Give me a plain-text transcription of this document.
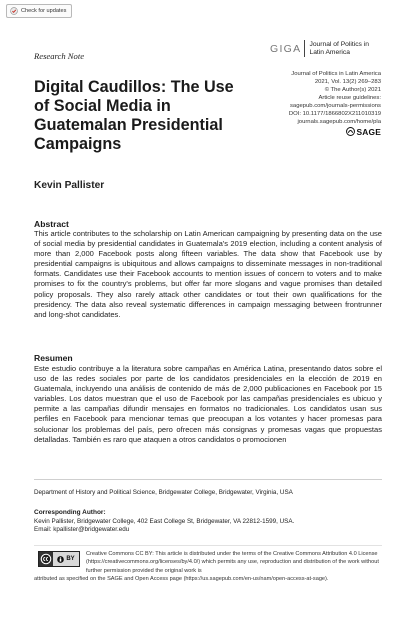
Check for updates
Research Note
GIGA Journal of Politics in
Latin America
Journal of Politics in Latin America
2021, Vol. 13(2) 269–283
© The Author(s) 2021
Article reuse guidelines:
sagepub.com/journals-permissions
DOI: 10.1177/1866802X211010319
journals.sagepub.com/home/pla
SAGE
Digital Caudillos: The Use of Social Media in Guatemalan Presidential Campaigns
Kevin Pallister
Abstract

This article contributes to the scholarship on Latin American campaigning by presenting data on the use of social media by presidential candidates in Guatemala's 2019 election, including a content analysis of more than 2,000 Facebook posts along fifteen variables. The data show that Facebook use by presidential campaigns is ubiquitous and allows campaigns to disseminate messages in non-traditional formats. Candidates use their Facebook accounts to mention issues of concern to voters and to make promises to fix the country's problems, but offer far more slogans and vague promises than detailed policy proposals. They also rarely attack other candidates or tout their own qualifications for the presidency. The data also reveal systematic differences in campaign messaging between frontrunner and long-shot candidates.

Resumen

Este estudio contribuye a la literatura sobre campañas en América Latina, presentando datos sobre el uso de las redes sociales por parte de los candidatos presidenciales en la elección de 2019 en Guatemala, incluyendo una análisis de contenido de más de 2,000 publicaciones en Facebook por 15 variables. Los datos muestran que el uso de Facebook por las campañas presidenciales es ubicuo y permite a las campañas difundir mensajes en formatos no tradicionales. Los candidatos usan sus perfiles en Facebook para mencionar temas que preocupan a los votantes y hacer promesas para solucionar los problemas del país, pero ofrecen más consignas y promesas vagas que propuestas detalladas. También es raro que ataquen a otros candidatos o promocionen

Department of History and Political Science, Bridgewater College, Bridgewater, Virginia, USA
Corresponding Author:
Kevin Pallister, Bridgewater College, 402 East College St, Bridgewater, VA 22812-1599, USA.
Email: kpallister@bridgewater.edu
BY
Creative Commons CC BY: This article is distributed under the terms of the Creative Commons Attribution 4.0 License (https://creativecommons.org/licenses/by/4.0/) which permits any use, reproduction and distribution of the work without further permission provided the original work is
attributed as specified on the SAGE and Open Access page (https://us.sagepub.com/en-us/nam/open-access-at-sage).
